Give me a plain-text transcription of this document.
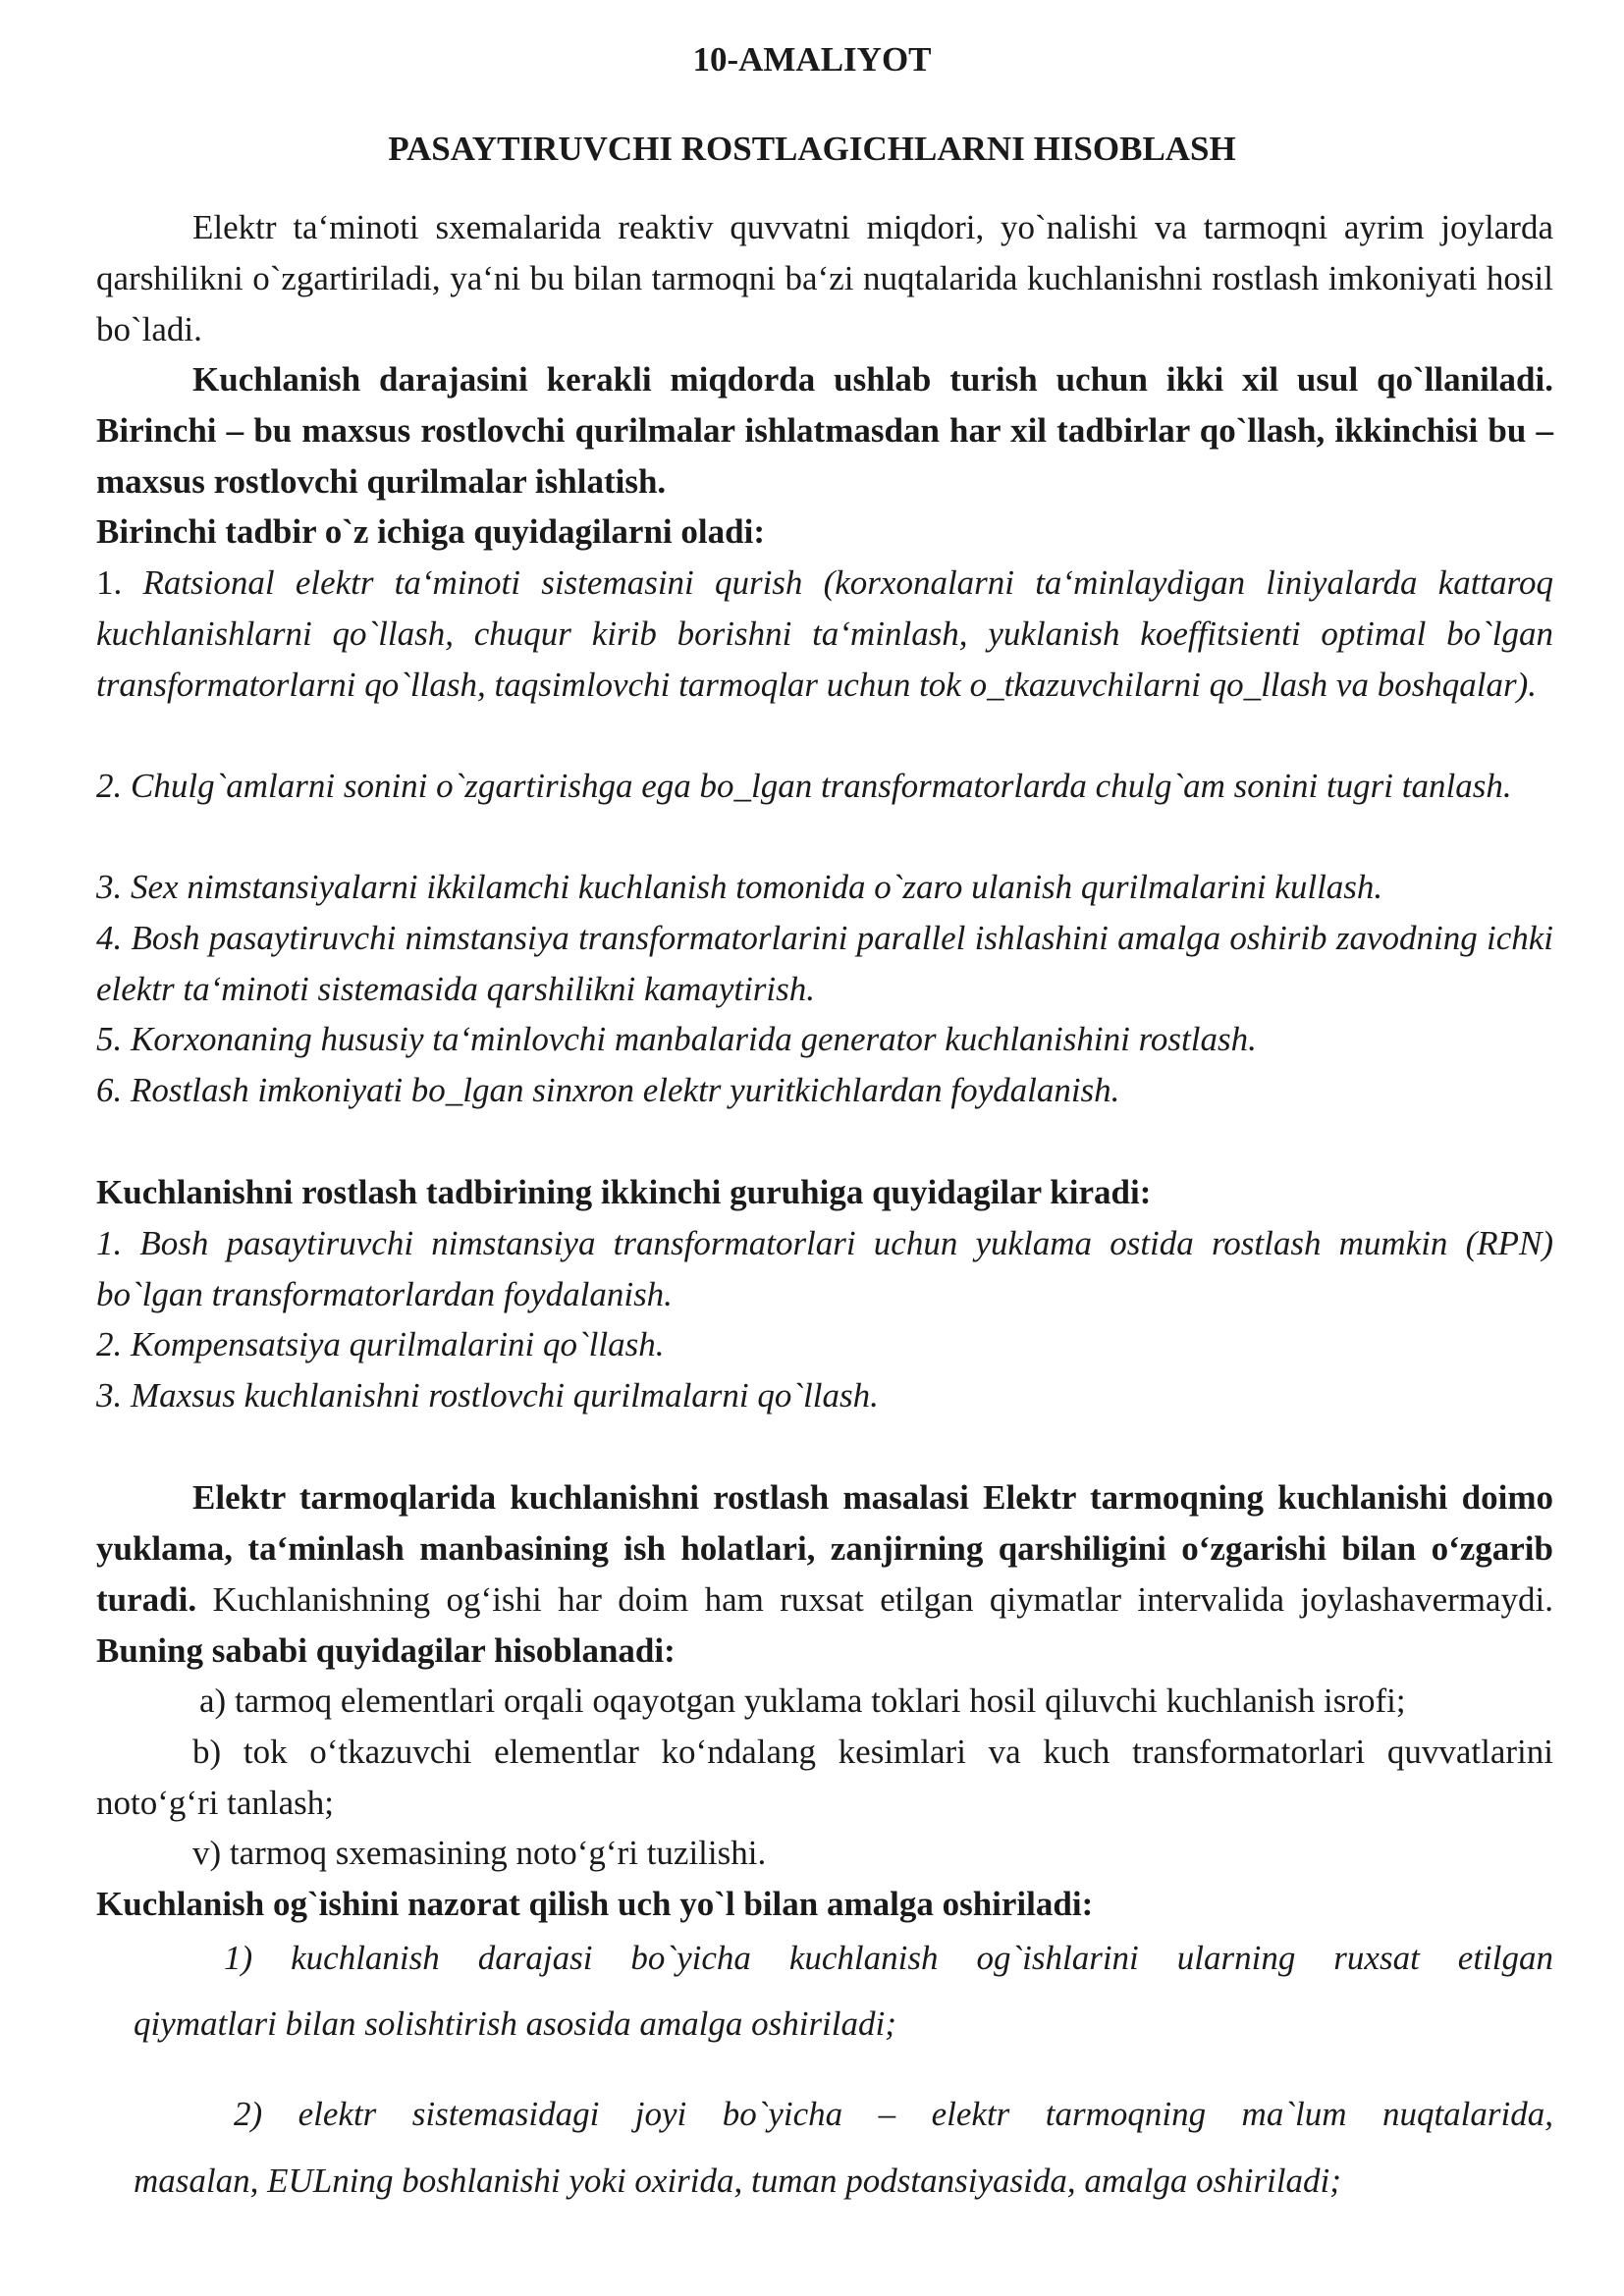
10-AMALIYOT
PASAYTIRUVCHI ROSTLAGICHLARNI HISOBLASH
Elektr taʻminoti sxemalarida reaktiv quvvatni miqdori, yo`nalishi va tarmoqni ayrim joylarda qarshilikni o`zgartiriladi, yaʻni bu bilan tarmoqni baʻzi nuqtalarida kuchlanishni rostlash imkoniyati hosil bo`ladi.
Kuchlanish darajasini kerakli miqdorda ushlab turish uchun ikki xil usul qo`llaniladi. Birinchi – bu maxsus rostlovchi qurilmalar ishlatmasdan har xil tadbirlar qo`llash, ikkinchisi bu – maxsus rostlovchi qurilmalar ishlatish.
Birinchi tadbir o`z ichiga quyidagilarni oladi:
1. Ratsional elektr taʻminoti sistemasini qurish (korxonalarni taʻminlaydigan liniyalarda kattaroq kuchlanishlarni qo`llash, chuqur kirib borishni taʻminlash, yuklanish koeffitsienti optimal bo`lgan transformatorlarni qo`llash, taqsimlovchi tarmoqlar uchun tok o_tkazuvchilarni qo_llash va boshqalar).
2. Chulg`amlarni sonini o`zgartirishga ega bo_lgan transformatorlarda chulg`am sonini tugri tanlash.
3. Sex nimstansiyalarni ikkilamchi kuchlanish tomonida o`zaro ulanish qurilmalarini kullash.
4. Bosh pasaytiruvchi nimstansiya transformatorlarini parallel ishlashini amalga oshirib zavodning ichki elektr taʻminoti sistemasida qarshilikni kamaytirish.
5. Korxonaning hususiy taʻminlovchi manbalarida generator kuchlanishini rostlash.
6. Rostlash imkoniyati bo_lgan sinxron elektr yuritkichlardan foydalanish.
Kuchlanishni rostlash tadbirining ikkinchi guruhiga quyidagilar kiradi:
1. Bosh pasaytiruvchi nimstansiya transformatorlari uchun yuklama ostida rostlash mumkin (RPN) bo`lgan transformatorlardan foydalanish.
2. Kompensatsiya qurilmalarini qo`llash.
3. Maxsus kuchlanishni rostlovchi qurilmalarni qo`llash.
Elektr tarmoqlarida kuchlanishni rostlash masalasi Elektr tarmoqning kuchlanishi doimo yuklama, taʻminlash manbasining ish holatlari, zanjirning qarshiligini oʻzgarishi bilan oʻzgarib turadi. Kuchlanishning ogʻishi har doim ham ruxsat etilgan qiymatlar intervalida joylashavermaydi. Buning sababi quyidagilar hisoblanadi:
a) tarmoq elementlari orqali oqayotgan yuklama toklari hosil qiluvchi kuchlanish isrofi;
b) tok oʻtkazuvchi elementlar koʻndalang kesimlari va kuch transformatorlari quvvatlarini notoʻgʻri tanlash;
v) tarmoq sxemasining notoʻgʻri tuzilishi.
Kuchlanish og`ishini nazorat qilish uch yo`l bilan amalga oshiriladi:
1) kuchlanish darajasi bo`yicha kuchlanish og`ishlarini ularning ruxsat etilgan
qiymatlari bilan solishtirish asosida amalga oshiriladi;
2) elektr sistemasidagi joyi bo`yicha – elektr tarmoqning ma`lum nuqtalarida,
masalan, EULning boshlanishi yoki oxirida, tuman podstansiyasida, amalga oshiriladi;
